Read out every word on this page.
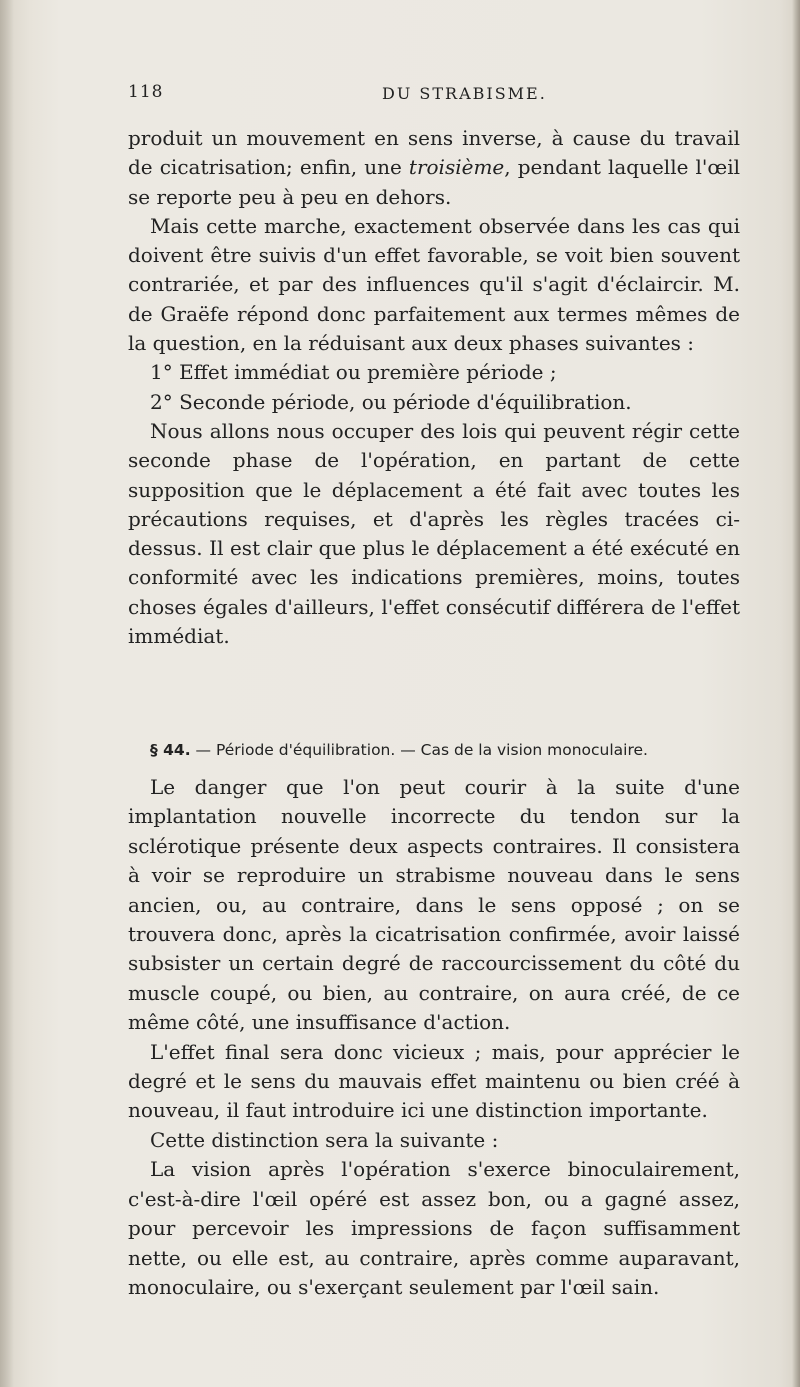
118	DU STRABISME.

produit un mouvement en sens inverse, à cause du travail de cicatrisation; enfin, une troisième, pendant laquelle l'œil se reporte peu à peu en dehors.

Mais cette marche, exactement observée dans les cas qui doivent être suivis d'un effet favorable, se voit bien souvent contrariée, et par des influences qu'il s'agit d'éclaircir. M. de Graëfe répond donc parfaitement aux termes mêmes de la question, en la réduisant aux deux phases suivantes :

1° Effet immédiat ou première période ;

2° Seconde période, ou période d'équilibration.

Nous allons nous occuper des lois qui peuvent régir cette seconde phase de l'opération, en partant de cette supposition que le déplacement a été fait avec toutes les précautions requises, et d'après les règles tracées ci-dessus. Il est clair que plus le déplacement a été exécuté en conformité avec les indications premières, moins, toutes choses égales d'ailleurs, l'effet consécutif différera de l'effet immédiat.

§ 44. — Période d'équilibration. — Cas de la vision monoculaire.

Le danger que l'on peut courir à la suite d'une implantation nouvelle incorrecte du tendon sur la sclérotique présente deux aspects contraires. Il consistera à voir se reproduire un strabisme nouveau dans le sens ancien, ou, au contraire, dans le sens opposé ; on se trouvera donc, après la cicatrisation confirmée, avoir laissé subsister un certain degré de raccourcissement du côté du muscle coupé, ou bien, au contraire, on aura créé, de ce même côté, une insuffisance d'action.

L'effet final sera donc vicieux ; mais, pour apprécier le degré et le sens du mauvais effet maintenu ou bien créé à nouveau, il faut introduire ici une distinction importante.

Cette distinction sera la suivante :

La vision après l'opération s'exerce binoculairement, c'est-à-dire l'œil opéré est assez bon, ou a gagné assez, pour percevoir les impressions de façon suffisamment nette, ou elle est, au contraire, après comme auparavant, monoculaire, ou s'exerçant seulement par l'œil sain.
